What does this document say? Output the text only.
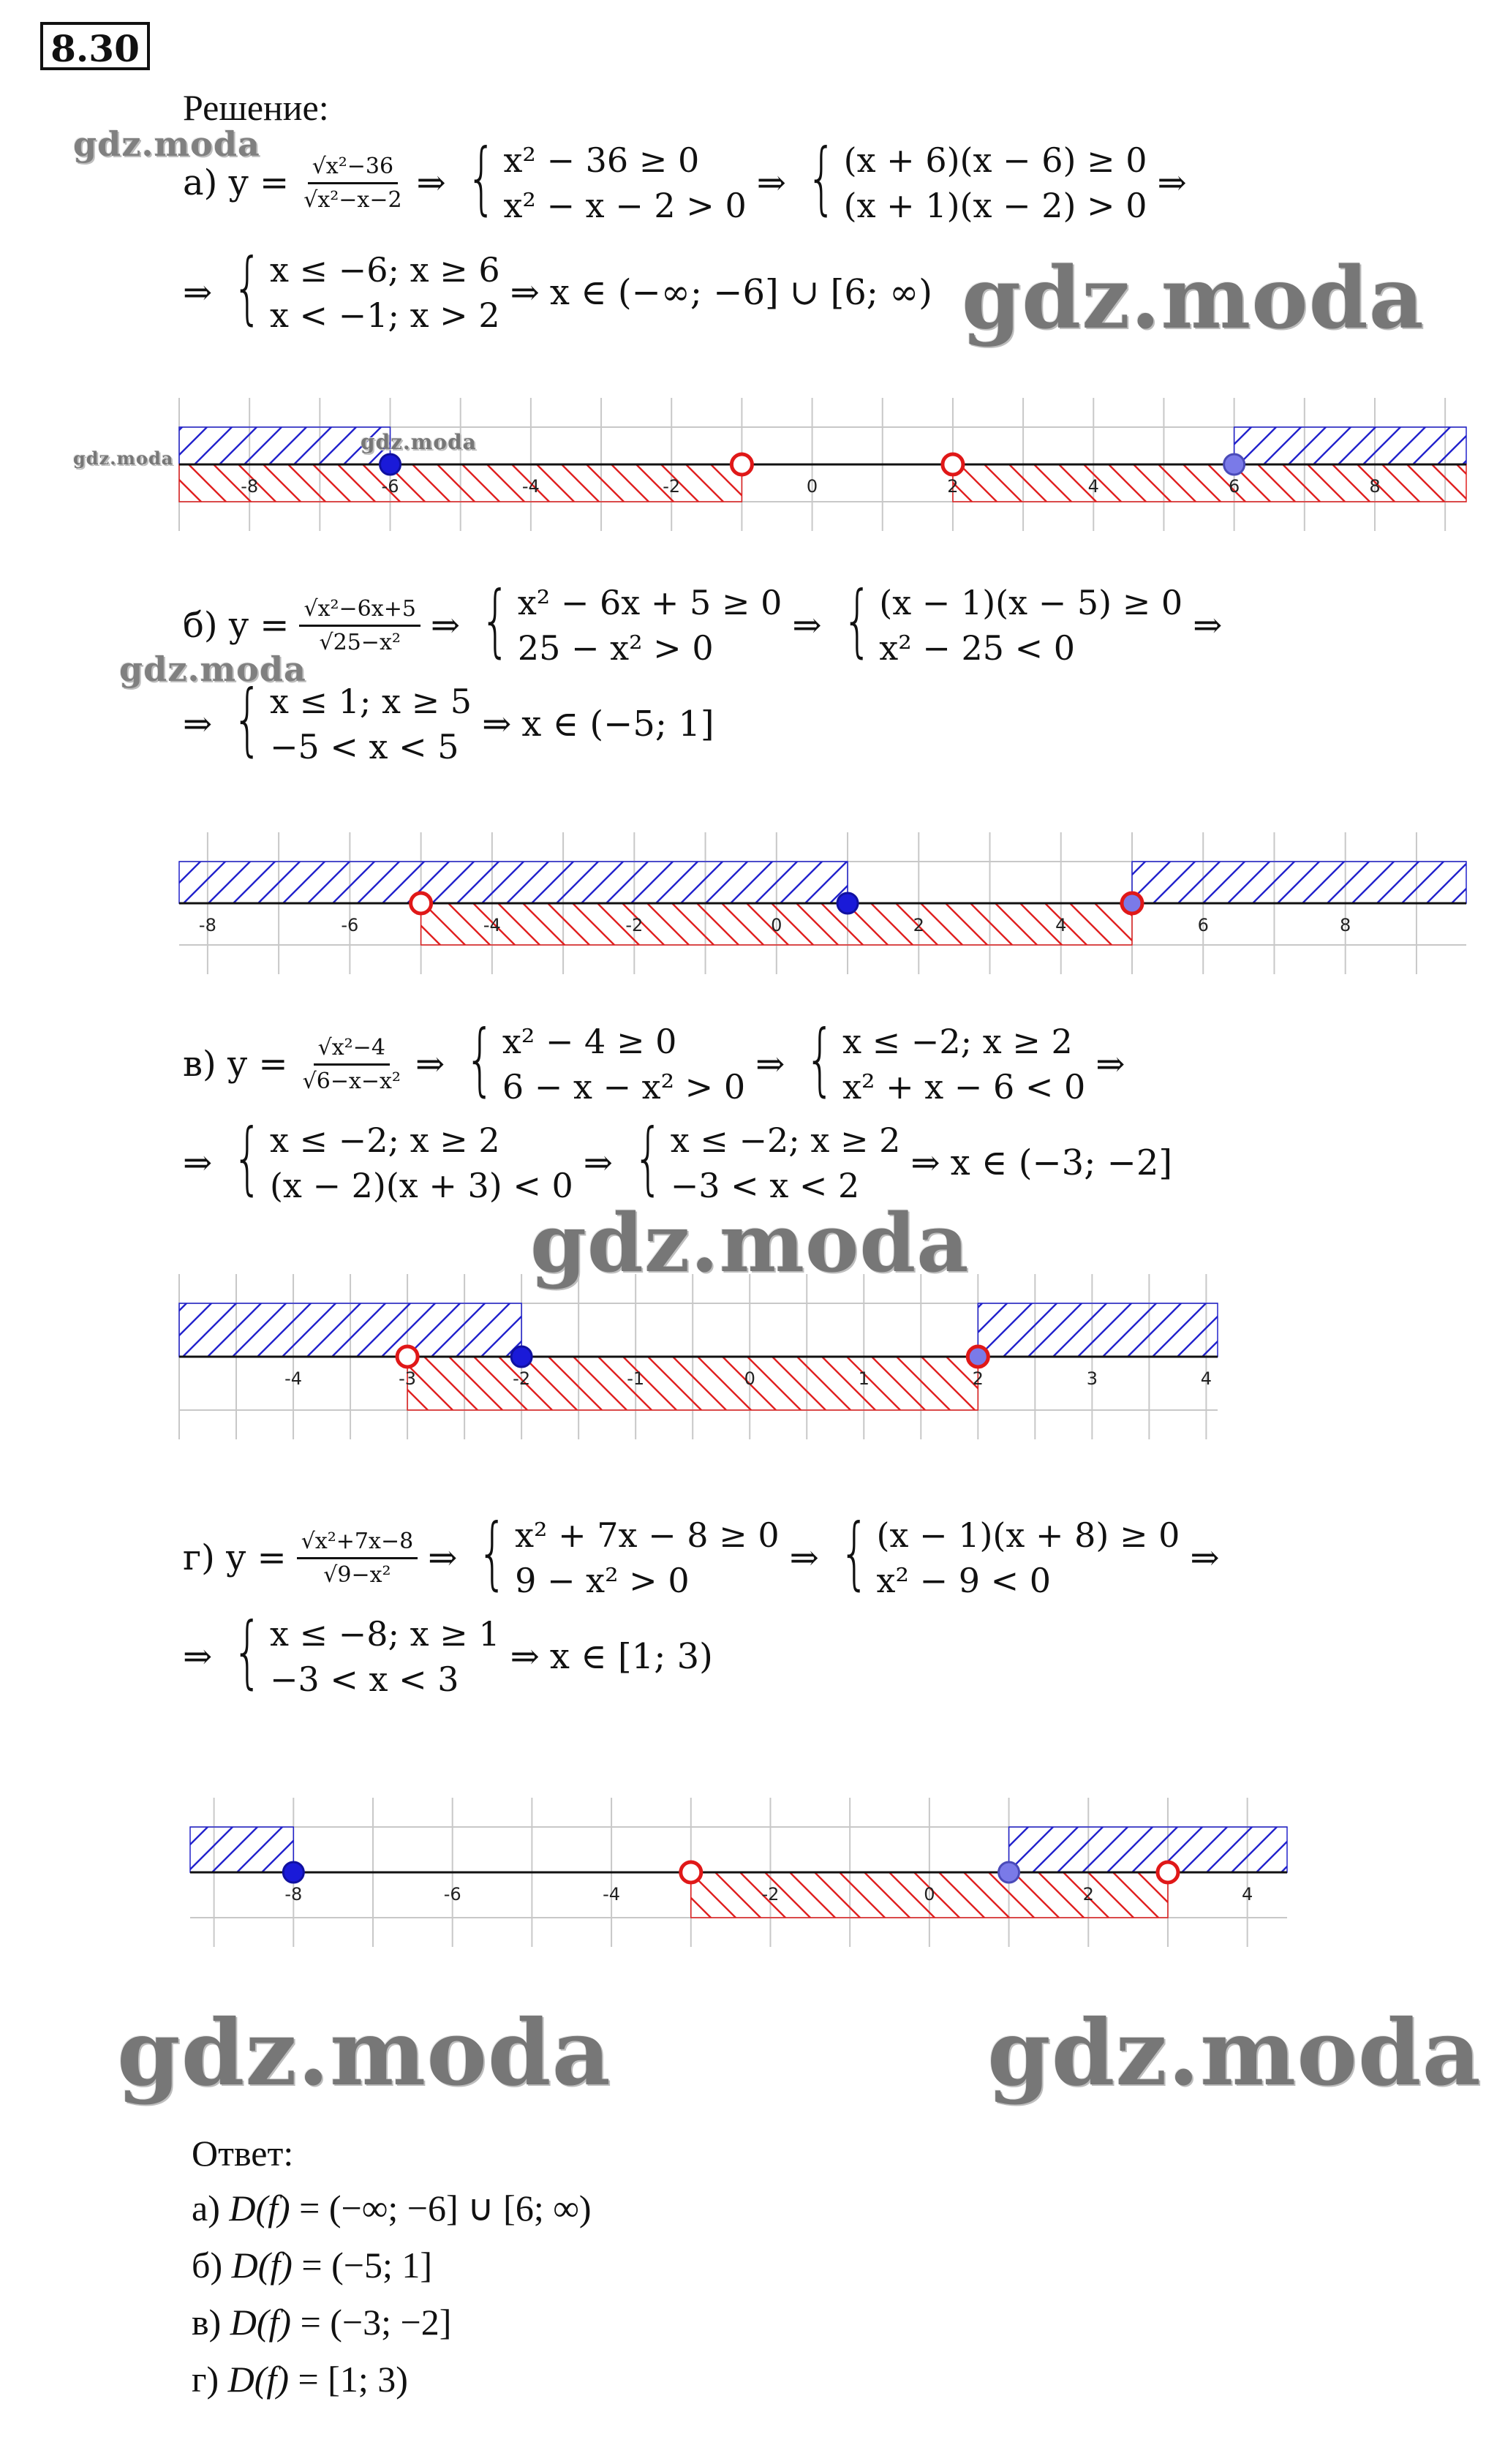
8.30
Решение:
а) $y = \frac{\text{√x²−36}}{\text{√x²−x−2}}$ ⇒ { x² − 36 ≥ 0
x² − x − 2 > 0
⇒ { (x + 6)(x − 6) ≥ 0
(x + 1)(x − 2) > 0
⇒
⇒ { x ≤ −6; x ≥ 6
x < −1; x > 2
⇒ x ∈ (−∞; −6] ∪ [6; ∞)
-8	-6	-4	-2	0	2	4	6	8
б) $y = \frac{\text{√x²−6x+5}}{\text{√25−x²}}$ ⇒ { x² − 6x + 5 ≥ 0
25 − x² > 0
⇒ { (x − 1)(x − 5) ≥ 0
x² − 25 < 0
⇒
⇒ { x ≤ 1; x ≥ 5
−5 < x < 5
⇒ x ∈ (−5; 1]
-8	-6	-4	-2	0	2	4	6	8
в) $y = \frac{\text{√x²−4}}{\text{√6−x−x²}}$ ⇒ { x² − 4 ≥ 0
6 − x − x² > 0
⇒ { x ≤ −2; x ≥ 2
x² + x − 6 < 0
⇒
⇒ { x ≤ −2; x ≥ 2
(x − 2)(x + 3) < 0
⇒ { x ≤ −2; x ≥ 2
−3 < x < 2
⇒ x ∈ (−3; −2]
-4	-3	-2	-1	0	1	2	3	4
г) $y = \frac{\text{√x²+7x−8}}{\text{√9−x²}}$ ⇒ { x² + 7x − 8 ≥ 0
9 − x² > 0
⇒ { (x − 1)(x + 8) ≥ 0
x² − 9 < 0
⇒
⇒ { x ≤ −8; x ≥ 1
−3 < x < 3
⇒ x ∈ [1; 3)
-8	-6	-4	-2	0	2	4
gdz.moda
gdz.moda
gdz.moda
gdz.moda
gdz.moda
gdz.moda
gdz.moda	gdz.moda
Ответ:
а) D(f) = (−∞; −6] ∪ [6; ∞)
б) D(f) = (−5; 1]
в) D(f) = (−3; −2]
г) D(f) = [1; 3)
